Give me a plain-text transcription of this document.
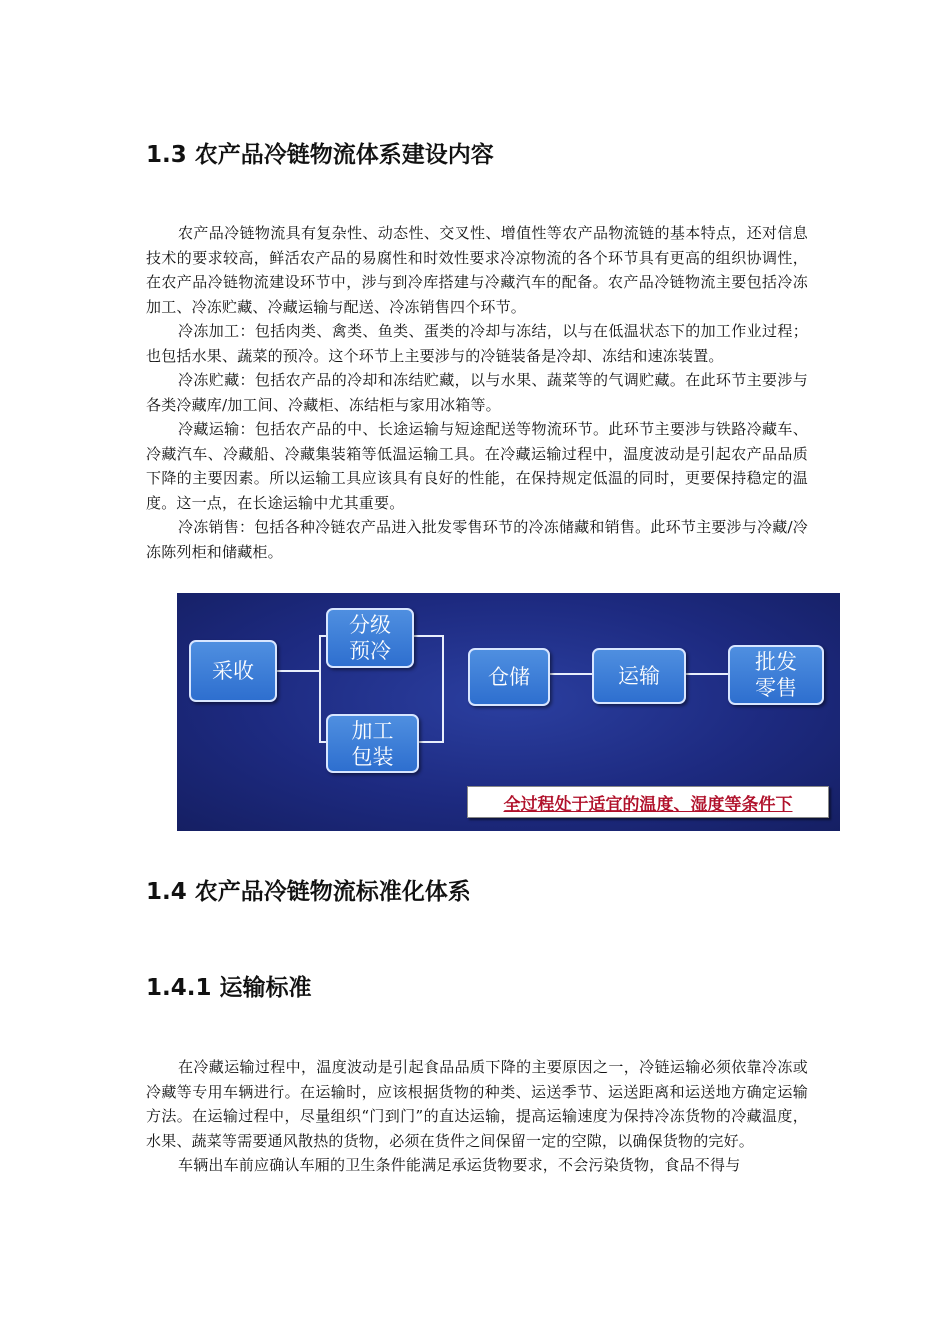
1.3 农产品冷链物流体系建设内容

农产品冷链物流具有复杂性、动态性、交叉性、增值性等农产品物流链的基本特点，还对信息技术的要求较高，鲜活农产品的易腐性和时效性要求冷凉物流的各个环节具有更高的组织协调性，在农产品冷链物流建设环节中，涉与到冷库搭建与冷藏汽车的配备。农产品冷链物流主要包括冷冻加工、冷冻贮藏、冷藏运输与配送、冷冻销售四个环节。

冷冻加工：包括肉类、禽类、鱼类、蛋类的冷却与冻结，以与在低温状态下的加工作业过程；也包括水果、蔬菜的预冷。这个环节上主要涉与的冷链装备是冷却、冻结和速冻装置。

冷冻贮藏：包括农产品的冷却和冻结贮藏，以与水果、蔬菜等的气调贮藏。在此环节主要涉与各类冷藏库/加工间、冷藏柜、冻结柜与家用冰箱等。

冷藏运输：包括农产品的中、长途运输与短途配送等物流环节。此环节主要涉与铁路冷藏车、冷藏汽车、冷藏船、冷藏集装箱等低温运输工具。在冷藏运输过程中，温度波动是引起农产品品质下降的主要因素。所以运输工具应该具有良好的性能，在保持规定低温的同时，更要保持稳定的温度。这一点，在长途运输中尤其重要。

冷冻销售：包括各种冷链农产品进入批发零售环节的冷冻储藏和销售。此环节主要涉与冷藏/冷冻陈列柜和储藏柜。

采收
分级
预冷
加工
包装
仓储	运输
批发
零售
全过程处于适宜的温度、湿度等条件下
1.4 农产品冷链物流标准化体系
1.4.1 运输标准

在冷藏运输过程中，温度波动是引起食品品质下降的主要原因之一，冷链运输必须依靠冷冻或冷藏等专用车辆进行。在运输时，应该根据货物的种类、运送季节、运送距离和运送地方确定运输方法。在运输过程中，尽量组织“门到门”的直达运输，提高运输速度为保持冷冻货物的冷藏温度，水果、蔬菜等需要通风散热的货物，必须在货件之间保留一定的空隙，以确保货物的完好。

车辆出车前应确认车厢的卫生条件能满足承运货物要求，不会污染货物，食品不得与
